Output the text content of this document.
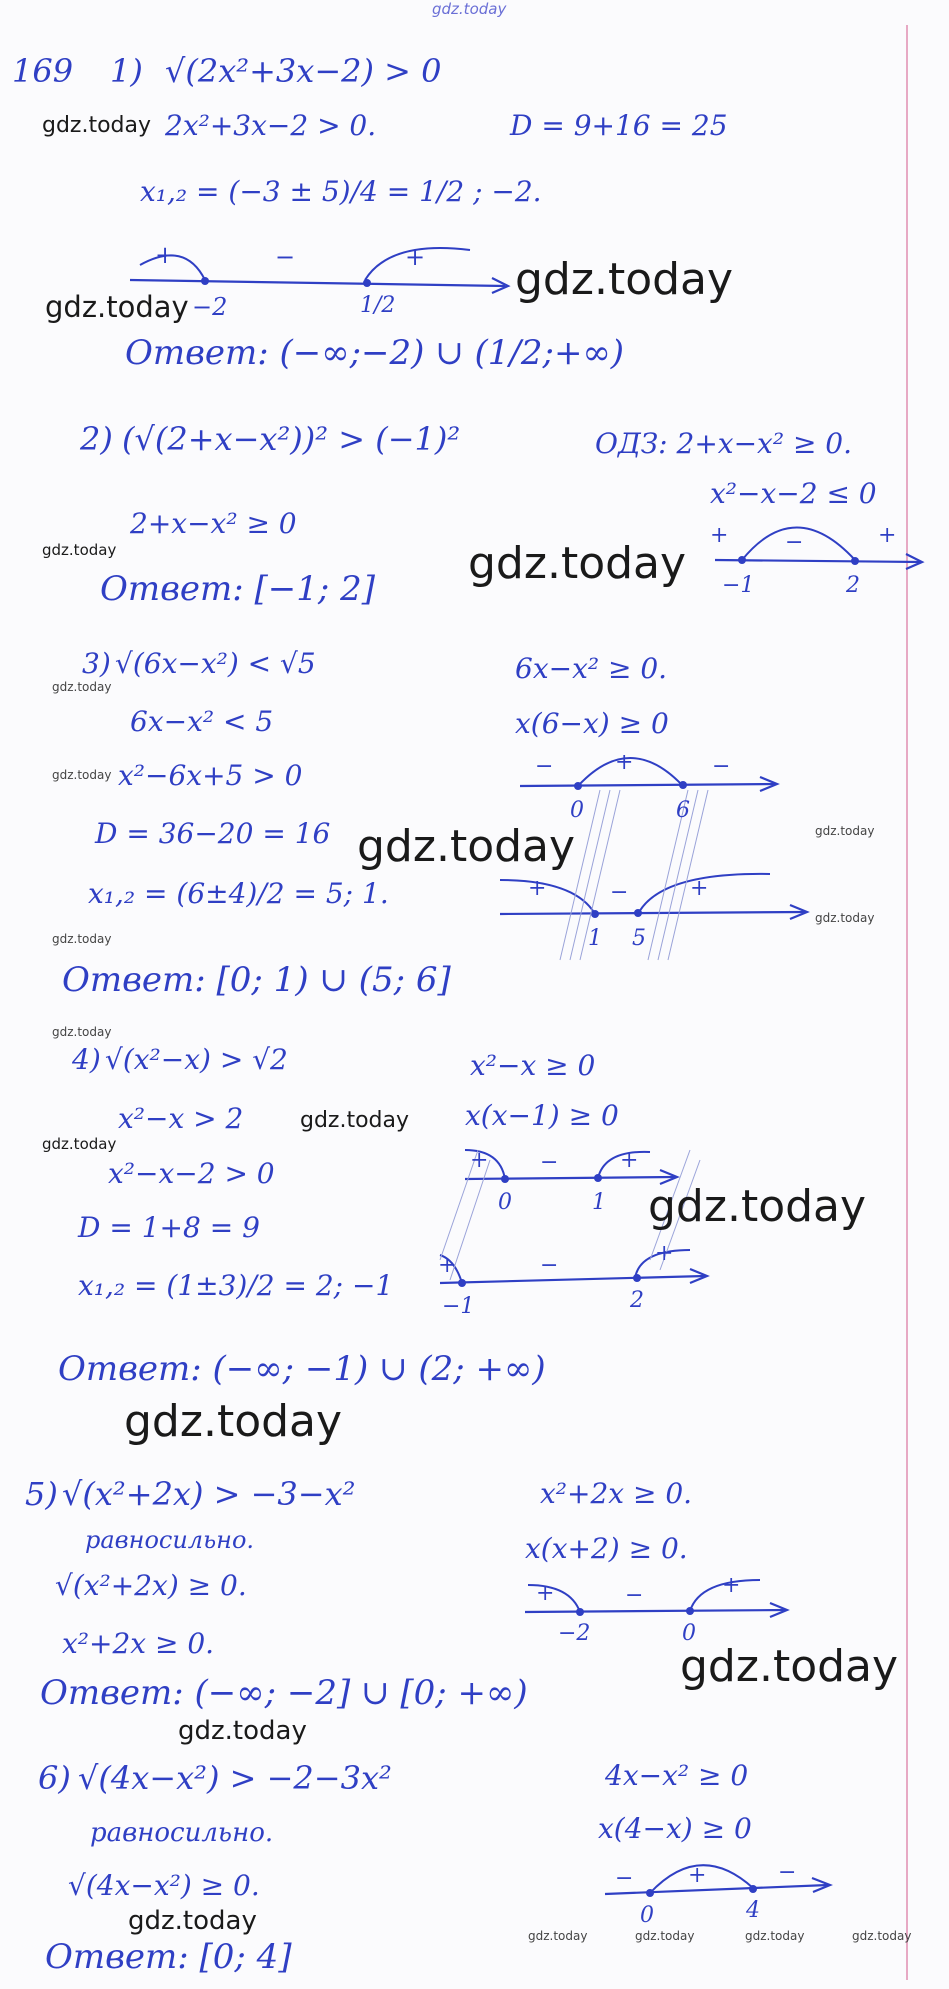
gdz.today
gdz.today
gdz.today
gdz.today
gdz.today	gdz.today
gdz.today
gdz.today
gdz.today	gdz.today
gdz.today
gdz.today
gdz.today
gdz.today
gdz.today
gdz.today
gdz.today
gdz.today
gdz.today
gdz.today	gdz.today	gdz.today	gdz.today	gdz.today
169 1) √(2x²+3x−2) > 0
2x²+3x−2 > 0.	D = 9+16 = 25
x₁,₂ = (−3 ± 5)/4 = 1/2 ; −2.
+	−	+
−2	1/2
Ответ: (−∞;−2) ∪ (1/2;+∞)
2) (√(2+x−x²))² > (−1)²	ОДЗ: 2+x−x² ≥ 0.
x²−x−2 ≤ 0
2+x−x² ≥ 0	+	−	+
−1	2
Ответ: [−1; 2]
3) √(6x−x²) < √5	6x−x² ≥ 0.
x(6−x) ≥ 0
6x−x² < 5
x²−6x+5 > 0
D = 36−20 = 16
x₁,₂ = (6±4)/2 = 5; 1.
−	+	−
0	6
+	−	+
1 5
Ответ: [0; 1) ∪ (5; 6]
4) √(x²−x) > √2	x²−x ≥ 0
x(x−1) ≥ 0
x²−x > 2
x²−x−2 > 0
D = 1+8 = 9
x₁,₂ = (1±3)/2 = 2; −1
+ −	+
0	1
+	−	+
−1	2
Ответ: (−∞; −1) ∪ (2; +∞)
5) √(x²+2x) > −3−x²
равносильно.
√(x²+2x) ≥ 0.
x²+2x ≥ 0.
x²+2x ≥ 0.
x(x+2) ≥ 0.
+	−	+
−2	0
Ответ: (−∞; −2] ∪ [0; +∞)
6) √(4x−x²) > −2−3x²
равносильно.
√(4x−x²) ≥ 0.
4x−x² ≥ 0
x(4−x) ≥ 0
− +	−
0	4
Ответ: [0; 4]
